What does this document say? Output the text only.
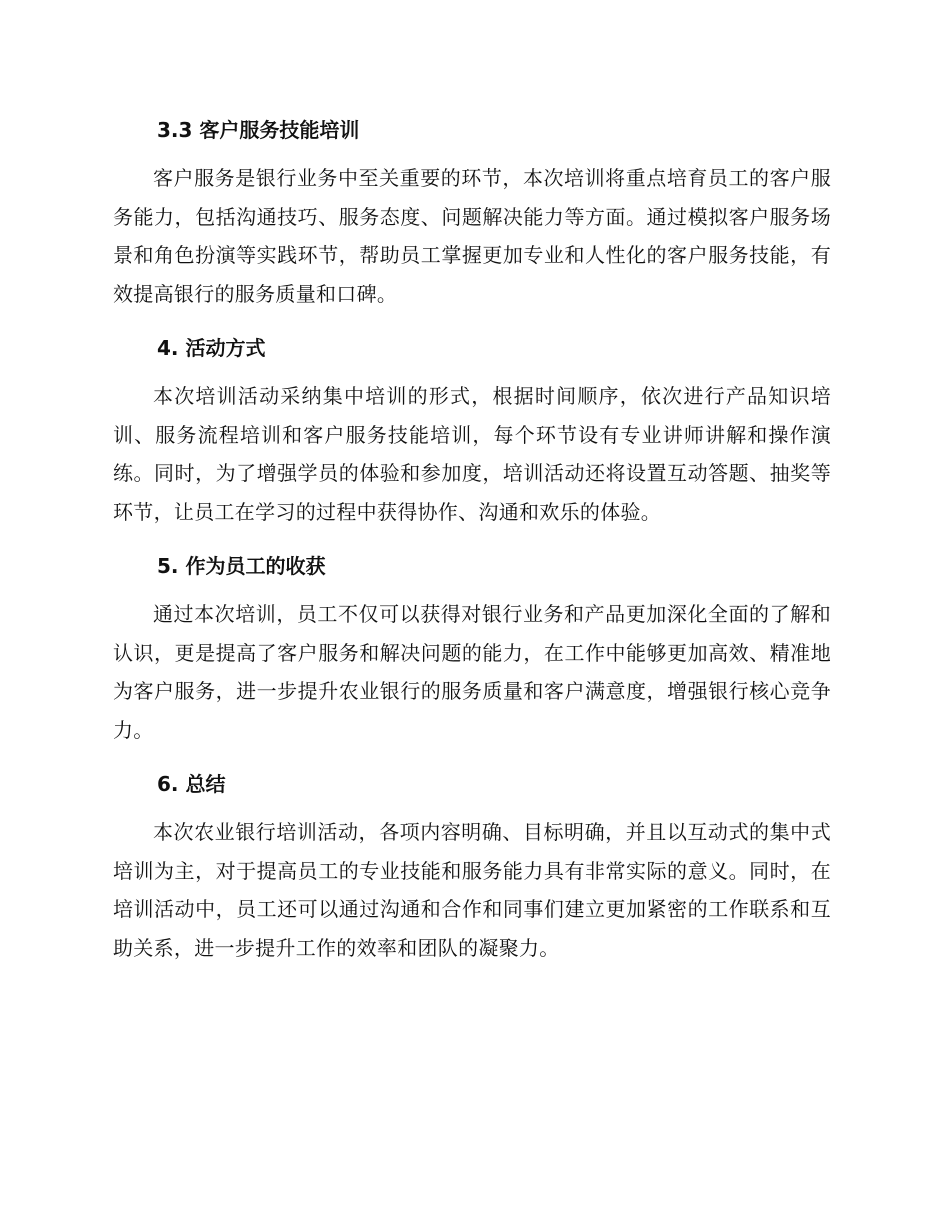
3.3 客户服务技能培训

客户服务是银行业务中至关重要的环节，本次培训将重点培育员工的客户服务能力，包括沟通技巧、服务态度、问题解决能力等方面。通过模拟客户服务场景和角色扮演等实践环节，帮助员工掌握更加专业和人性化的客户服务技能，有效提高银行的服务质量和口碑。

4. 活动方式

本次培训活动采纳集中培训的形式，根据时间顺序，依次进行产品知识培训、服务流程培训和客户服务技能培训，每个环节设有专业讲师讲解和操作演练。同时，为了增强学员的体验和参加度，培训活动还将设置互动答题、抽奖等环节，让员工在学习的过程中获得协作、沟通和欢乐的体验。

5. 作为员工的收获

通过本次培训，员工不仅可以获得对银行业务和产品更加深化全面的了解和认识，更是提高了客户服务和解决问题的能力，在工作中能够更加高效、精准地为客户服务，进一步提升农业银行的服务质量和客户满意度，增强银行核心竞争力。

6. 总结

本次农业银行培训活动，各项内容明确、目标明确，并且以互动式的集中式培训为主，对于提高员工的专业技能和服务能力具有非常实际的意义。同时，在培训活动中，员工还可以通过沟通和合作和同事们建立更加紧密的工作联系和互助关系，进一步提升工作的效率和团队的凝聚力。
